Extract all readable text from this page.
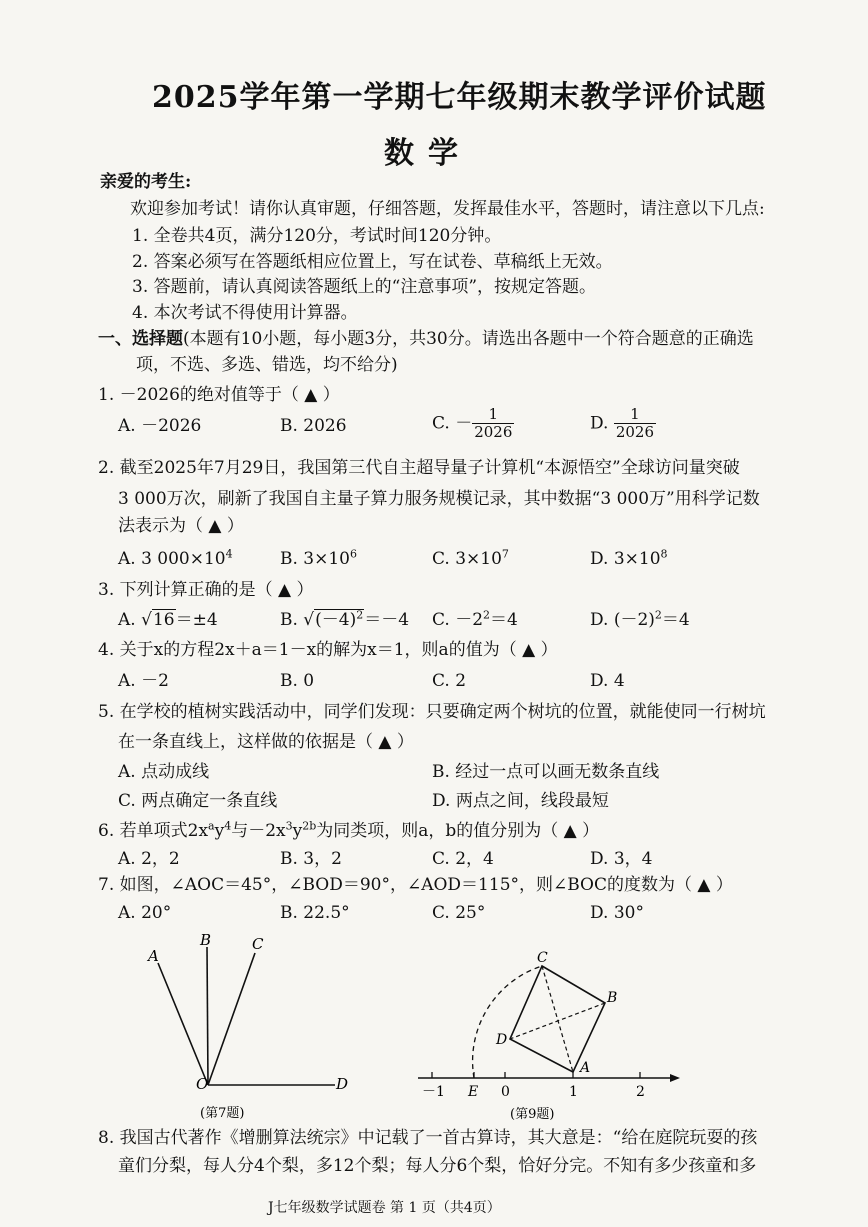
2025学年第一学期七年级期末教学评价试题
数学
亲爱的考生:
欢迎参加考试！请你认真审题，仔细答题，发挥最佳水平，答题时，请注意以下几点:
1. 全卷共4页，满分120分，考试时间120分钟。
2. 答案必须写在答题纸相应位置上，写在试卷、草稿纸上无效。
3. 答题前，请认真阅读答题纸上的“注意事项”，按规定答题。
4. 本次考试不得使用计算器。
一、选择题(本题有10小题，每小题3分，共30分。请选出各题中一个符合题意的正确选
项，不选、多选、错选，均不给分)
1. －2026的绝对值等于（ ▲ ）
A. －2026	B. 2026	C. － $\frac{1}{2026}$	D. $\frac{1}{2026}$
2. 截至2025年7月29日，我国第三代自主超导量子计算机“本源悟空”全球访问量突破
3 000万次，刷新了我国自主量子算力服务规模记录，其中数据“3 000万”用科学记数
法表示为（ ▲ ）
A. 3 $000\times 10^4$	B. $3\times 10^6$	C. $3\times 10^7$	D. $3\times 10^8$
3. 下列计算正确的是（ ▲ ）
A. √16＝±4	B. $√(-4)^2=-4$ C. $-2^2=4$	D. $(-2)^2=4$
4. 关于x的方程2x＋a＝1－x的解为x＝1，则a的值为（ ▲ ）
A. －2	B. 0	C. 2	D. 4
5. 在学校的植树实践活动中，同学们发现：只要确定两个树坑的位置，就能使同一行树坑
在一条直线上，这样做的依据是（ ▲ ）
A. 点动成线	B. 经过一点可以画无数条直线
C. 两点确定一条直线	D. 两点之间，线段最短
6. 若单项式$2x^ay^4$与$-2x^3y^{2b}$为同类项，则a，b的值分别为（ ▲ ）
A. 2，2	B. 3，2	C. 2，4	D. 3，4
7. 如图，∠AOC＝45°，∠BOD＝90°，∠AOD＝115°，则∠BOC的度数为（ ▲ ）
A. 20°	B. 22.5°	C. 25°	D. 30°
A
B	C
O	D
(第7题)
C
B
D
A
E
－1	0	1	2
(第9题)
8. 我国古代著作《增删算法统宗》中记载了一首古算诗，其大意是：“给在庭院玩耍的孩
童们分梨，每人分4个梨，多12个梨；每人分6个梨，恰好分完。不知有多少孩童和多
J七年级数学试题卷 第 1 页（共4页）
